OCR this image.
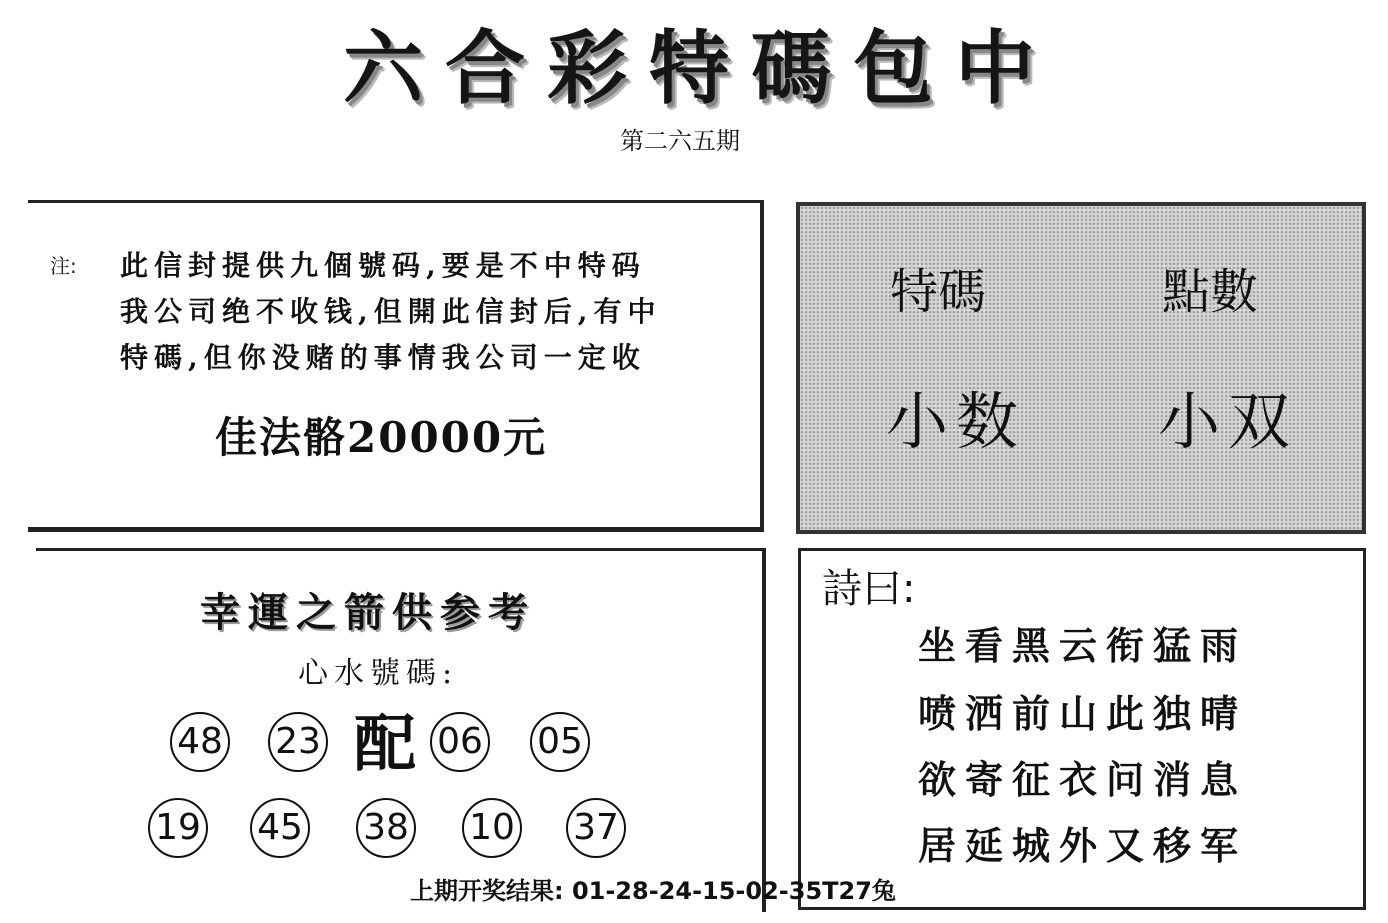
六合彩特碼包中
第二六五期
注: 此信封提供九個號码,要是不中特码
我公司绝不收钱,但開此信封后,有中
特碼,但你没赌的事情我公司一定收
佳法骼20000元
特碼	點數
小数 小双
幸運之箭供参考
心水號碼:
48 23 配 06 05
19 45 38 10 37
詩曰:
坐看黑云衔猛雨
喷洒前山此独晴
欲寄征衣问消息
居延城外又移军
上期开奖结果: 01-28-24-15-02-35T27兔
